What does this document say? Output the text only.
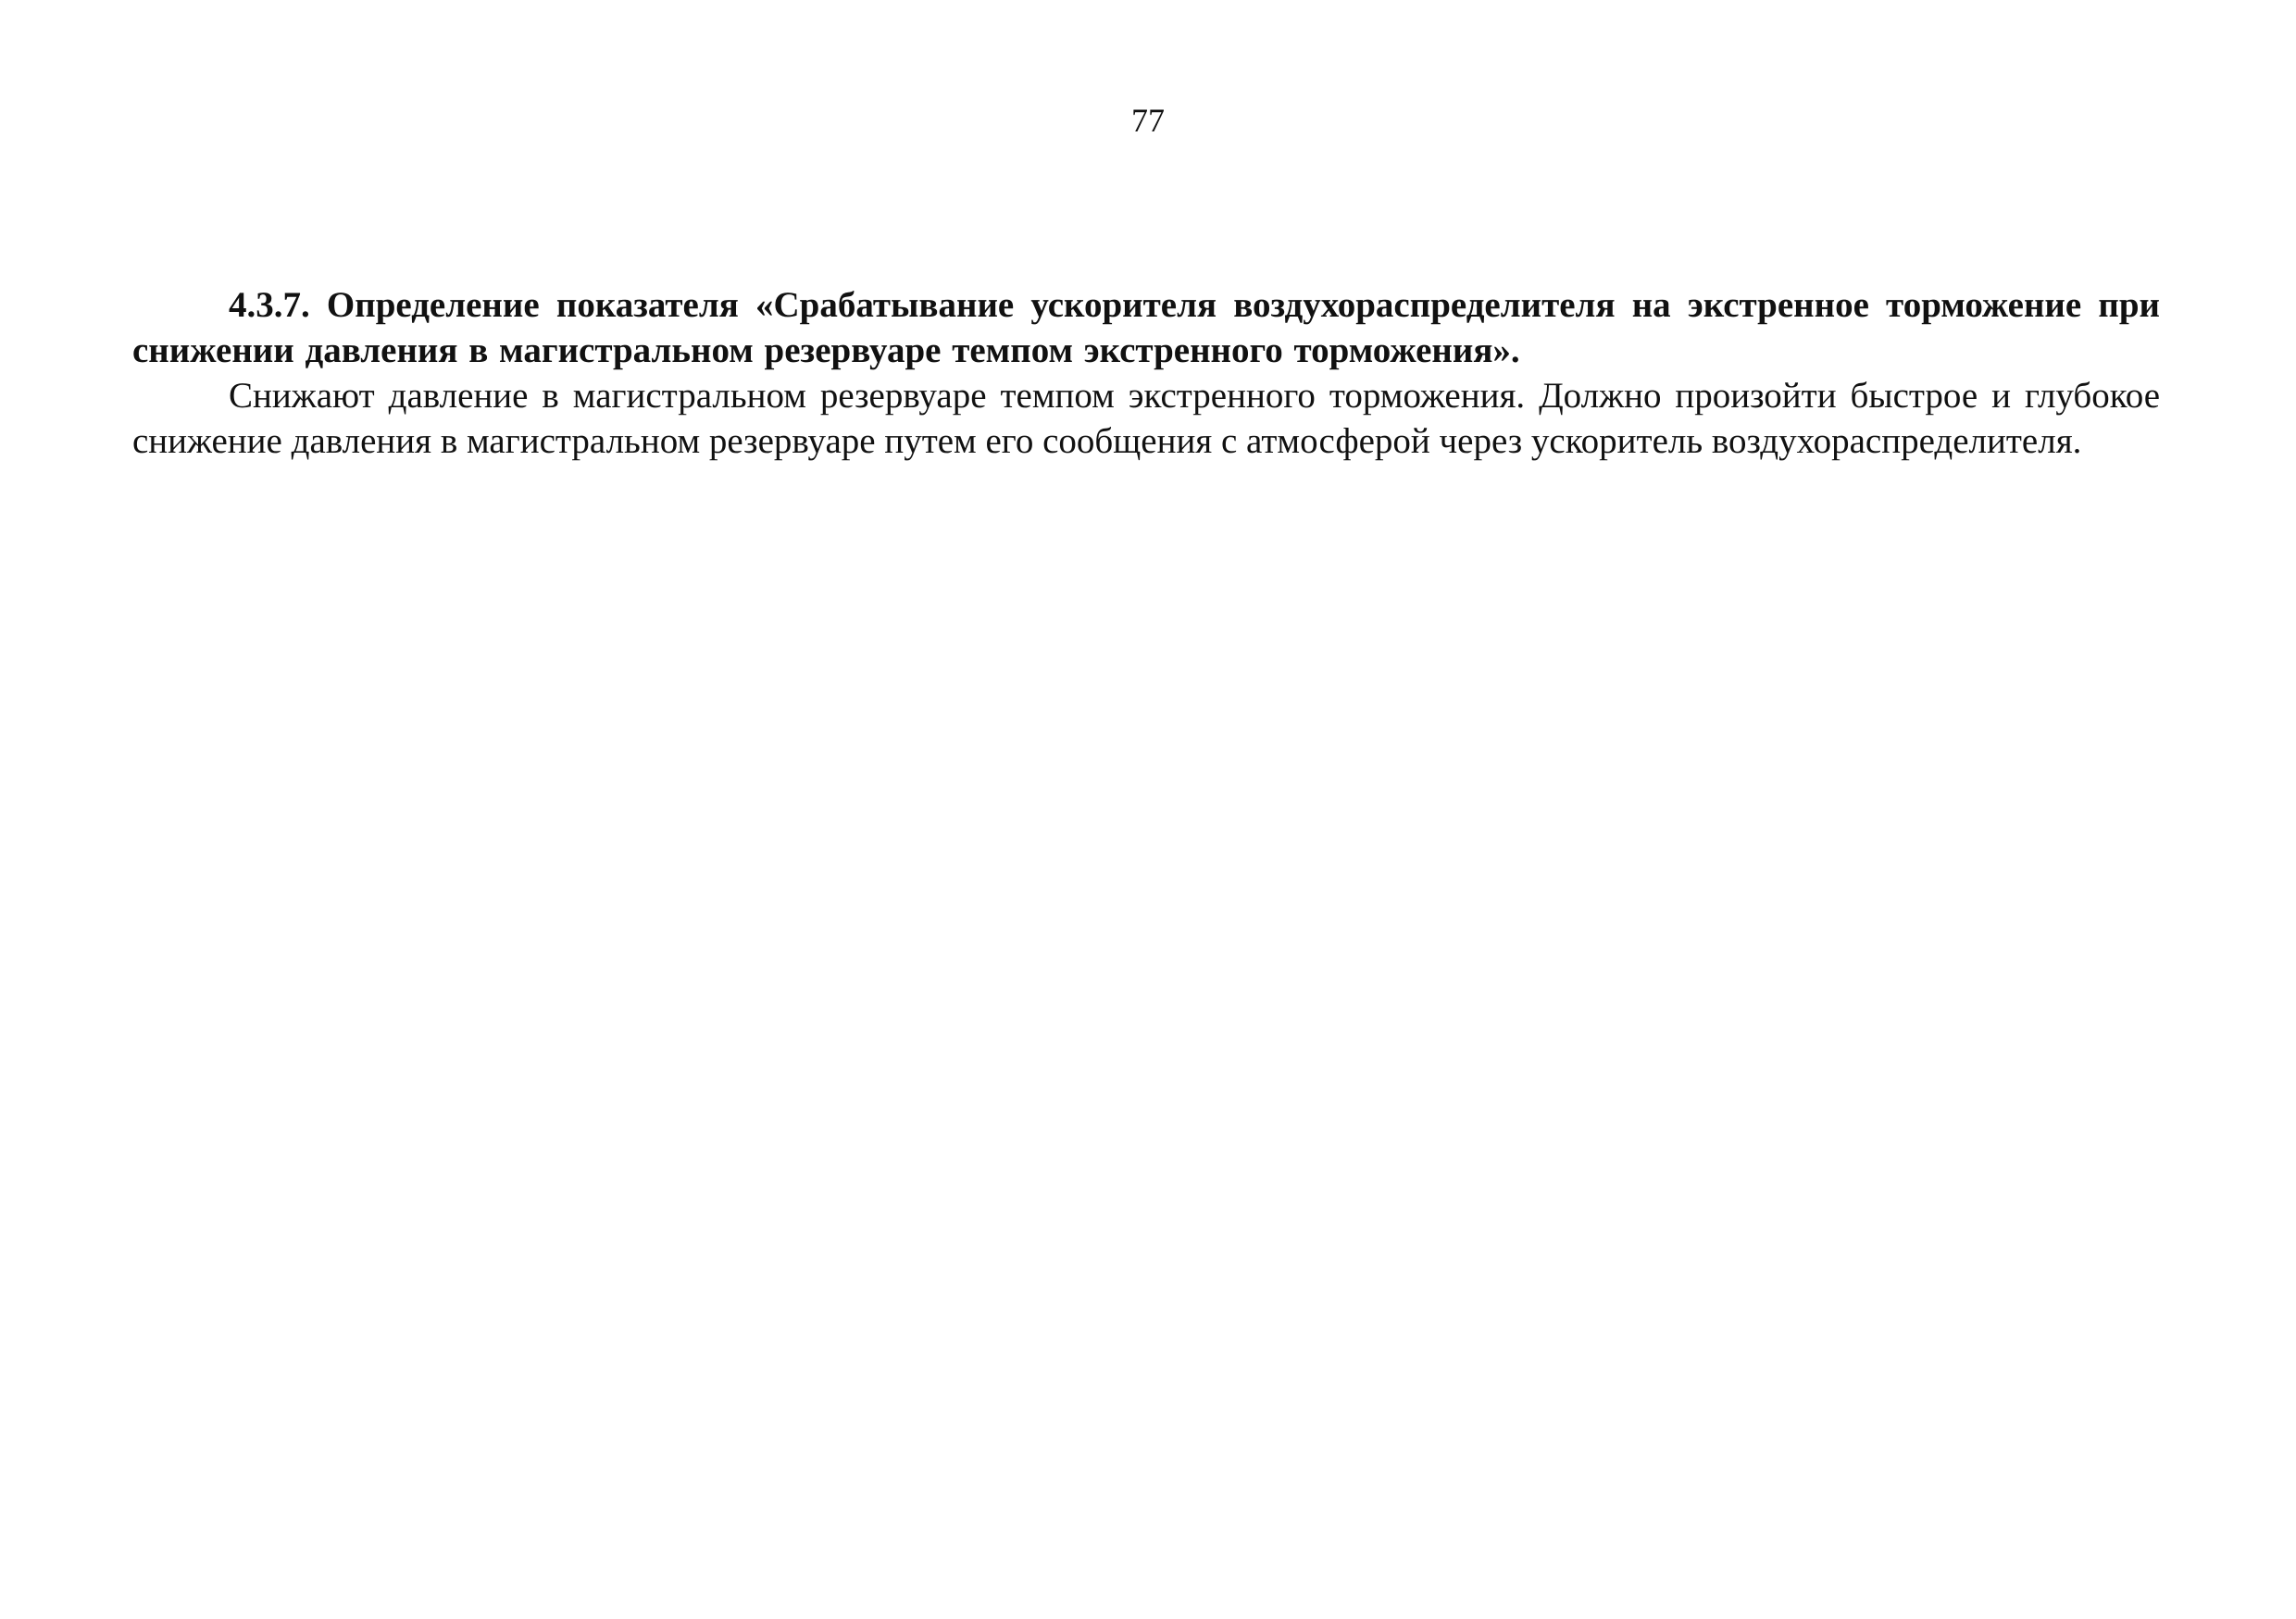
77

4.3.7. Определение показателя «Срабатывание ускорителя воздухораспределителя на экстренное торможение при снижении давления в магистральном резервуаре темпом экстренного торможения».

Снижают давление в магистральном резервуаре темпом экстренного торможения. Должно произойти быстрое и глубокое снижение давления в магистральном резервуаре путем его сообщения с атмосферой через ускоритель воздухораспределителя.
